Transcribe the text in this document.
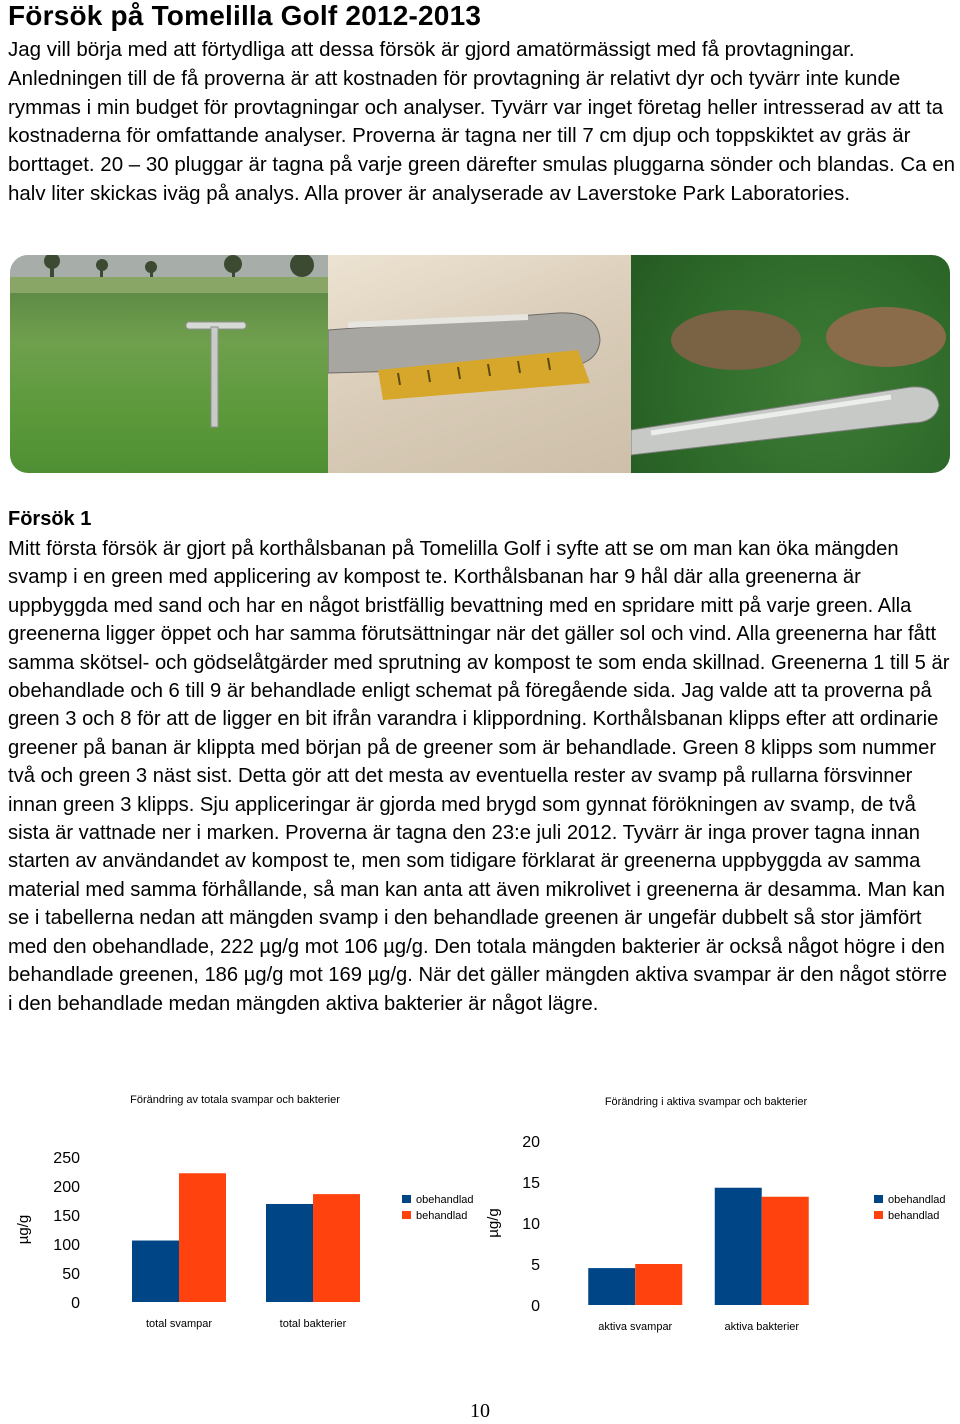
Försök på Tomelilla Golf 2012-2013
Jag vill börja med att förtydliga att dessa försök är gjord amatörmässigt med få provtagningar. Anledningen till de få proverna är att kostnaden för provtagning är relativt dyr och tyvärr inte kunde rymmas i min budget för provtagningar och analyser. Tyvärr var inget företag heller intresserad av att ta kostnaderna för omfattande analyser. Proverna är tagna ner till 7 cm djup och toppskiktet av gräs är borttaget. 20 – 30 pluggar är tagna på varje green därefter smulas pluggarna sönder och blandas. Ca en halv liter skickas iväg på analys. Alla prover är analyserade av Laverstoke Park Laboratories.
Försök 1
Mitt första försök är gjort på korthålsbanan på Tomelilla Golf i syfte att se om man kan öka mängden svamp i en green med applicering av kompost te. Korthålsbanan har 9 hål där alla greenerna är uppbyggda med sand och har en något bristfällig bevattning med en spridare mitt på varje green. Alla greenerna ligger öppet och har samma förutsättningar när det gäller sol och vind. Alla greenerna har fått samma skötsel- och gödselåtgärder med sprutning av kompost te som enda skillnad. Greenerna 1 till 5 är obehandlade och 6 till 9 är behandlade enligt schemat på föregående sida. Jag valde att ta proverna på green 3 och 8 för att de ligger en bit ifrån varandra i klippordning. Korthålsbanan klipps efter att ordinarie greener på banan är klippta med början på de greener som är behandlade. Green 8 klipps som nummer två och green 3 näst sist. Detta gör att det mesta av eventuella rester av svamp på rullarna försvinner innan green 3 klipps. Sju appliceringar är gjorda med brygd som gynnat förökningen av svamp, de två sista är vattnade ner i marken. Proverna är tagna den 23:e juli 2012. Tyvärr är inga prover tagna innan starten av användandet av kompost te, men som tidigare förklarat är greenerna uppbyggda av samma material med samma förhållande, så man kan anta att även mikrolivet i greenerna är desamma. Man kan se i tabellerna nedan att mängden svamp i den behandlade greenen är ungefär dubbelt så stor jämfört med den obehandlade, 222 µg/g mot 106 µg/g. Den totala mängden bakterier är också något högre i den behandlade greenen, 186 µg/g mot 169 µg/g. När det gäller mängden aktiva svampar är den något större i den behandlade medan mängden aktiva bakterier är något lägre.
Förändring av totala svampar och bakterier
µg/g
250
200
150
100
50
0
total svampar	total bakterier
obehandlad
behandlad
Förändring i aktiva svampar och bakterier
µg/g
20
15
10
5
0
aktiva svampar	aktiva bakterier
obehandlad
behandlad
10
